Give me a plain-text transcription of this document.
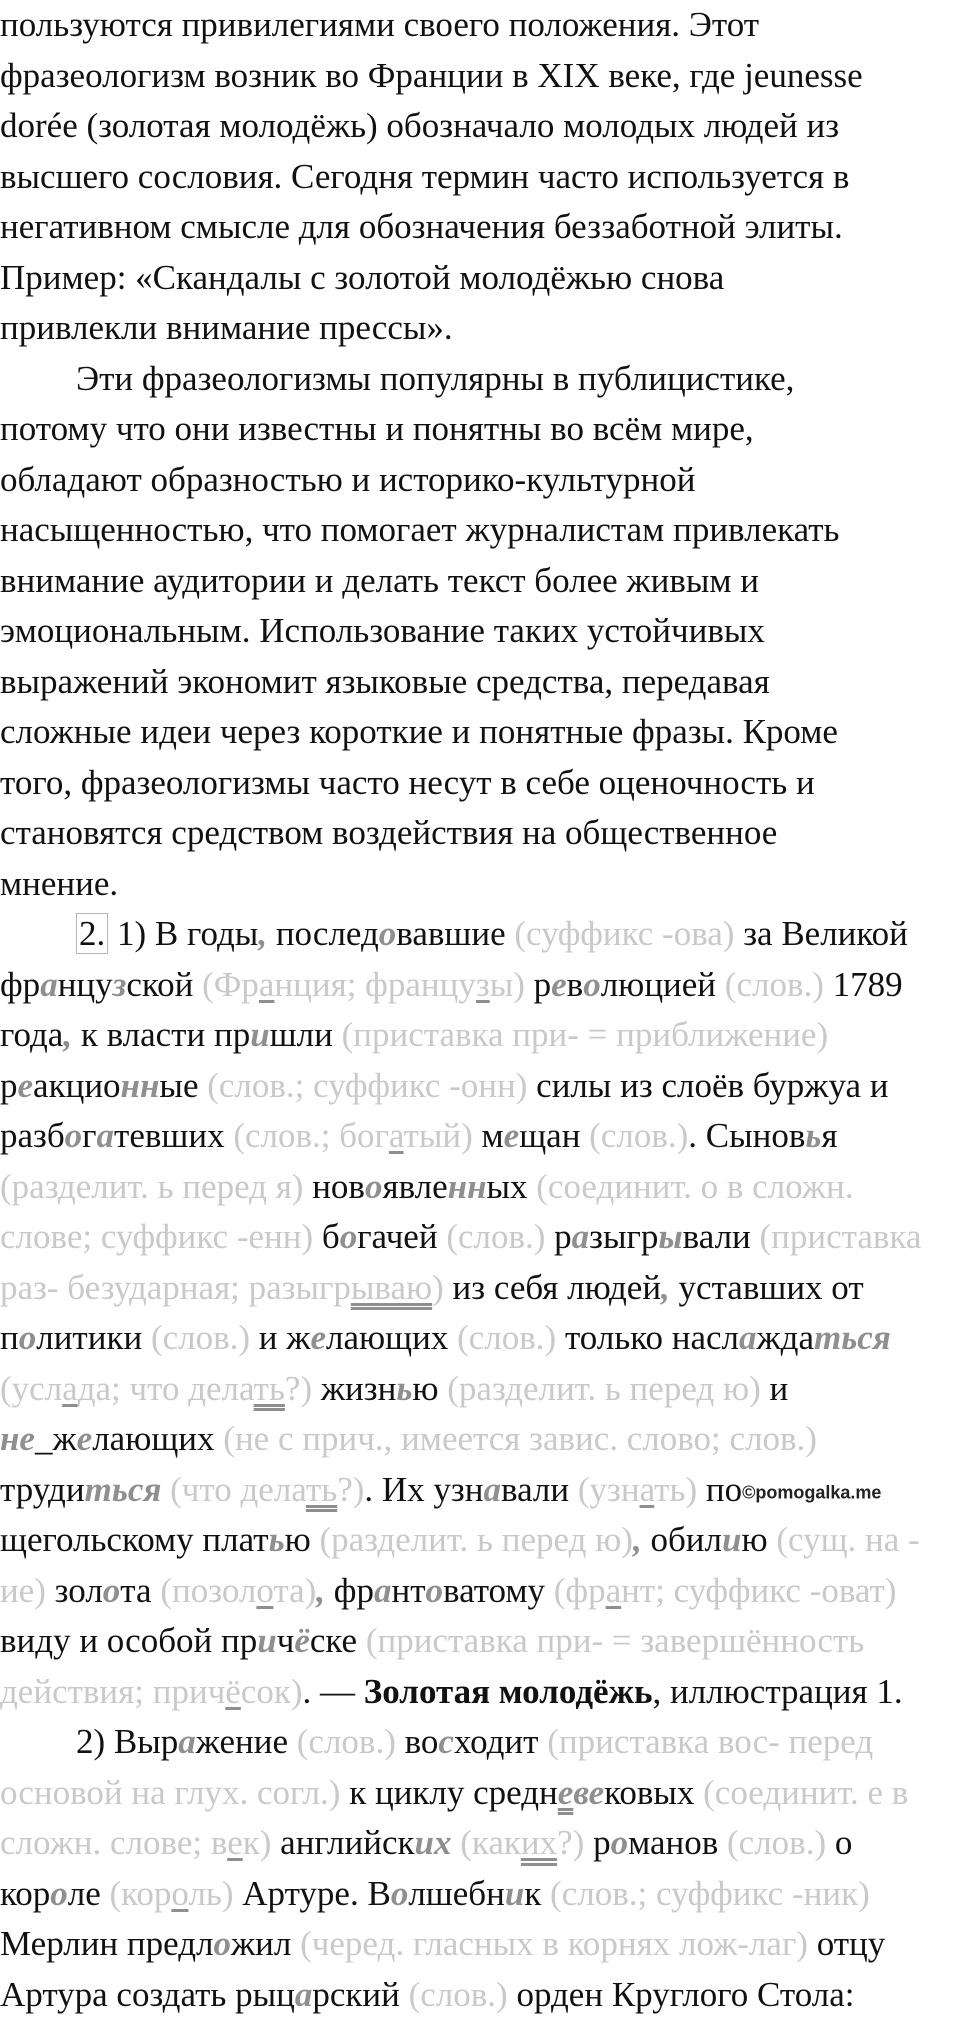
пользуются привилегиями своего положения. Этот
фразеологизм возник во Франции в XIX веке, где jeunesse
dorée (золотая молодёжь) обозначало молодых людей из
высшего сословия. Сегодня термин часто используется в
негативном смысле для обозначения беззаботной элиты.
Пример: «Скандалы с золотой молодёжью снова
привлекли внимание прессы».
Эти фразеологизмы популярны в публицистике,
потому что они известны и понятны во всём мире,
обладают образностью и историко-культурной
насыщенностью, что помогает журналистам привлекать
внимание аудитории и делать текст более живым и
эмоциональным. Использование таких устойчивых
выражений экономит языковые средства, передавая
сложные идеи через короткие и понятные фразы. Кроме
того, фразеологизмы часто несут в себе оценочность и
становятся средством воздействия на общественное
мнение.
2. 1) В годы, последовавшие (суффикс -ова) за Великой
французской (Франция; французы) революцией (слов.) 1789
года, к власти пришли (приставка при- = приближение)
реакционные (слов.; суффикс -онн) силы из слоёв буржуа и
разбогатевших (слов.; богатый) мещан (слов.). Сыновья
(разделит. ь перед я) новоявленных (соединит. о в сложн.
слове; суффикс -енн) богачей (слов.) разыгрывали (приставка
раз- безударная; разыгрываю) из себя людей, уставших от
политики (слов.) и желающих (слов.) только наслаждаться
(услада; что делать?) жизнью (разделит. ь перед ю) и
не_желающих (не с прич., имеется завис. слово; слов.)
трудиться (что делать?). Их узнавали (узнать) по©pomogalka.me
щегольскому платью (разделит. ь перед ю), обилию (сущ. на -
ие) золота (позолота), франтоватому (франт; суффикс -оват)
виду и особой причёске (приставка при- = завершённость
действия; причёсок). — Золотая молодёжь, иллюстрация 1.
2) Выражение (слов.) восходит (приставка вос- перед
основой на глух. согл.) к циклу средневековых (соединит. е в
сложн. слове; век) английских (каких?) романов (слов.) о
короле (король) Артуре. Волшебник (слов.; суффикс -ник)
Мерлин предложил (черед. гласных в корнях лож-лаг) отцу
Артура создать рыцарский (слов.) орден Круглого Стола:
